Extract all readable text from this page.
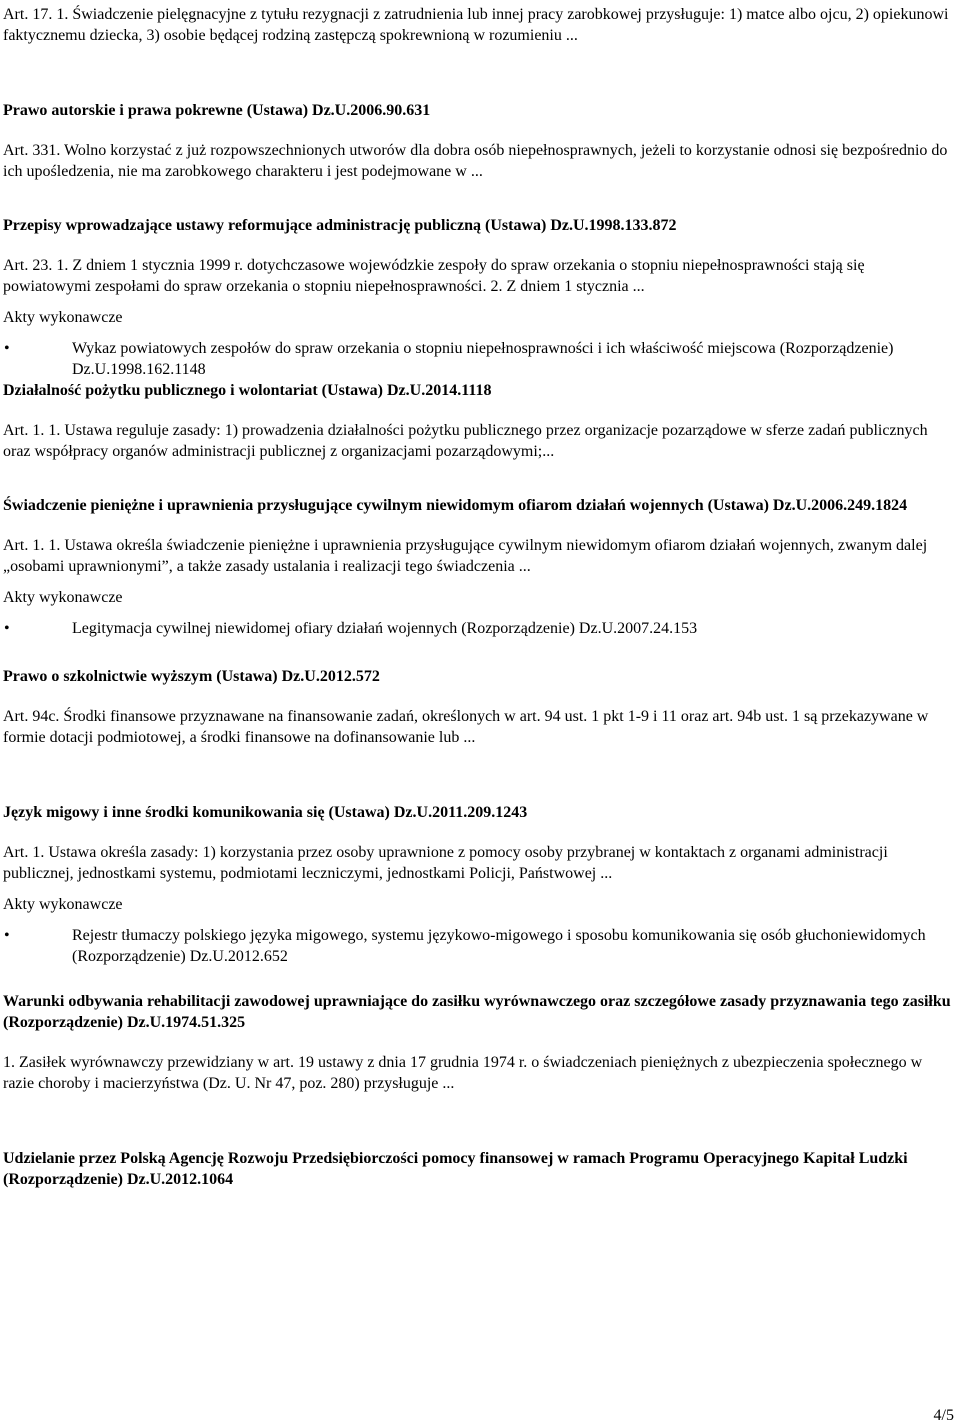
Art. 17. 1. Świadczenie pielęgnacyjne z tytułu rezygnacji z zatrudnienia lub innej pracy zarobkowej przysługuje: 1) matce albo ojcu, 2) opiekunowi faktycznemu dziecka, 3) osobie będącej rodziną zastępczą spokrewnioną w rozumieniu ...

Prawo autorskie i prawa pokrewne (Ustawa) Dz.U.2006.90.631

Art. 331. Wolno korzystać z już rozpowszechnionych utworów dla dobra osób niepełnosprawnych, jeżeli to korzystanie odnosi się bezpośrednio do ich upośledzenia, nie ma zarobkowego charakteru i jest podejmowane w ...

Przepisy wprowadzające ustawy reformujące administrację publiczną (Ustawa) Dz.U.1998.133.872

Art. 23. 1. Z dniem 1 stycznia 1999 r. dotychczasowe wojewódzkie zespoły do spraw orzekania o stopniu niepełnosprawności stają się powiatowymi zespołami do spraw orzekania o stopniu niepełnosprawności. 2. Z dniem 1 stycznia ...

Akty wykonawcze

•	Wykaz powiatowych zespołów do spraw orzekania o stopniu niepełnosprawności i ich właściwość miejscowa (Rozporządzenie) Dz.U.1998.162.1148

Działalność pożytku publicznego i wolontariat (Ustawa) Dz.U.2014.1118

Art. 1. 1. Ustawa reguluje zasady: 1) prowadzenia działalności pożytku publicznego przez organizacje pozarządowe w sferze zadań publicznych oraz współpracy organów administracji publicznej z organizacjami pozarządowymi;...

Świadczenie pieniężne i uprawnienia przysługujące cywilnym niewidomym ofiarom działań wojennych (Ustawa) Dz.U.2006.249.1824

Art. 1. 1. Ustawa określa świadczenie pieniężne i uprawnienia przysługujące cywilnym niewidomym ofiarom działań wojennych, zwanym dalej „osobami uprawnionymi”, a także zasady ustalania i realizacji tego świadczenia ...

Akty wykonawcze

•	Legitymacja cywilnej niewidomej ofiary działań wojennych (Rozporządzenie) Dz.U.2007.24.153

Prawo o szkolnictwie wyższym (Ustawa) Dz.U.2012.572

Art. 94c. Środki finansowe przyznawane na finansowanie zadań, określonych w art. 94 ust. 1 pkt 1-9 i 11 oraz art. 94b ust. 1 są przekazywane w formie dotacji podmiotowej, a środki finansowe na dofinansowanie lub ...

Język migowy i inne środki komunikowania się (Ustawa) Dz.U.2011.209.1243

Art. 1. Ustawa określa zasady: 1) korzystania przez osoby uprawnione z pomocy osoby przybranej w kontaktach z organami administracji publicznej, jednostkami systemu, podmiotami leczniczymi, jednostkami Policji, Państwowej ...

Akty wykonawcze

•	Rejestr tłumaczy polskiego języka migowego, systemu językowo-migowego i sposobu komunikowania się osób głuchoniewidomych (Rozporządzenie) Dz.U.2012.652

Warunki odbywania rehabilitacji zawodowej uprawniające do zasiłku wyrównawczego oraz szczegółowe zasady przyznawania tego zasiłku (Rozporządzenie) Dz.U.1974.51.325

1. Zasiłek wyrównawczy przewidziany w art. 19 ustawy z dnia 17 grudnia 1974 r. o świadczeniach pieniężnych z ubezpieczenia społecznego w razie choroby i macierzyństwa (Dz. U. Nr 47, poz. 280) przysługuje ...

Udzielanie przez Polską Agencję Rozwoju Przedsiębiorczości pomocy finansowej w ramach Programu Operacyjnego Kapitał Ludzki (Rozporządzenie) Dz.U.2012.1064

4/5
